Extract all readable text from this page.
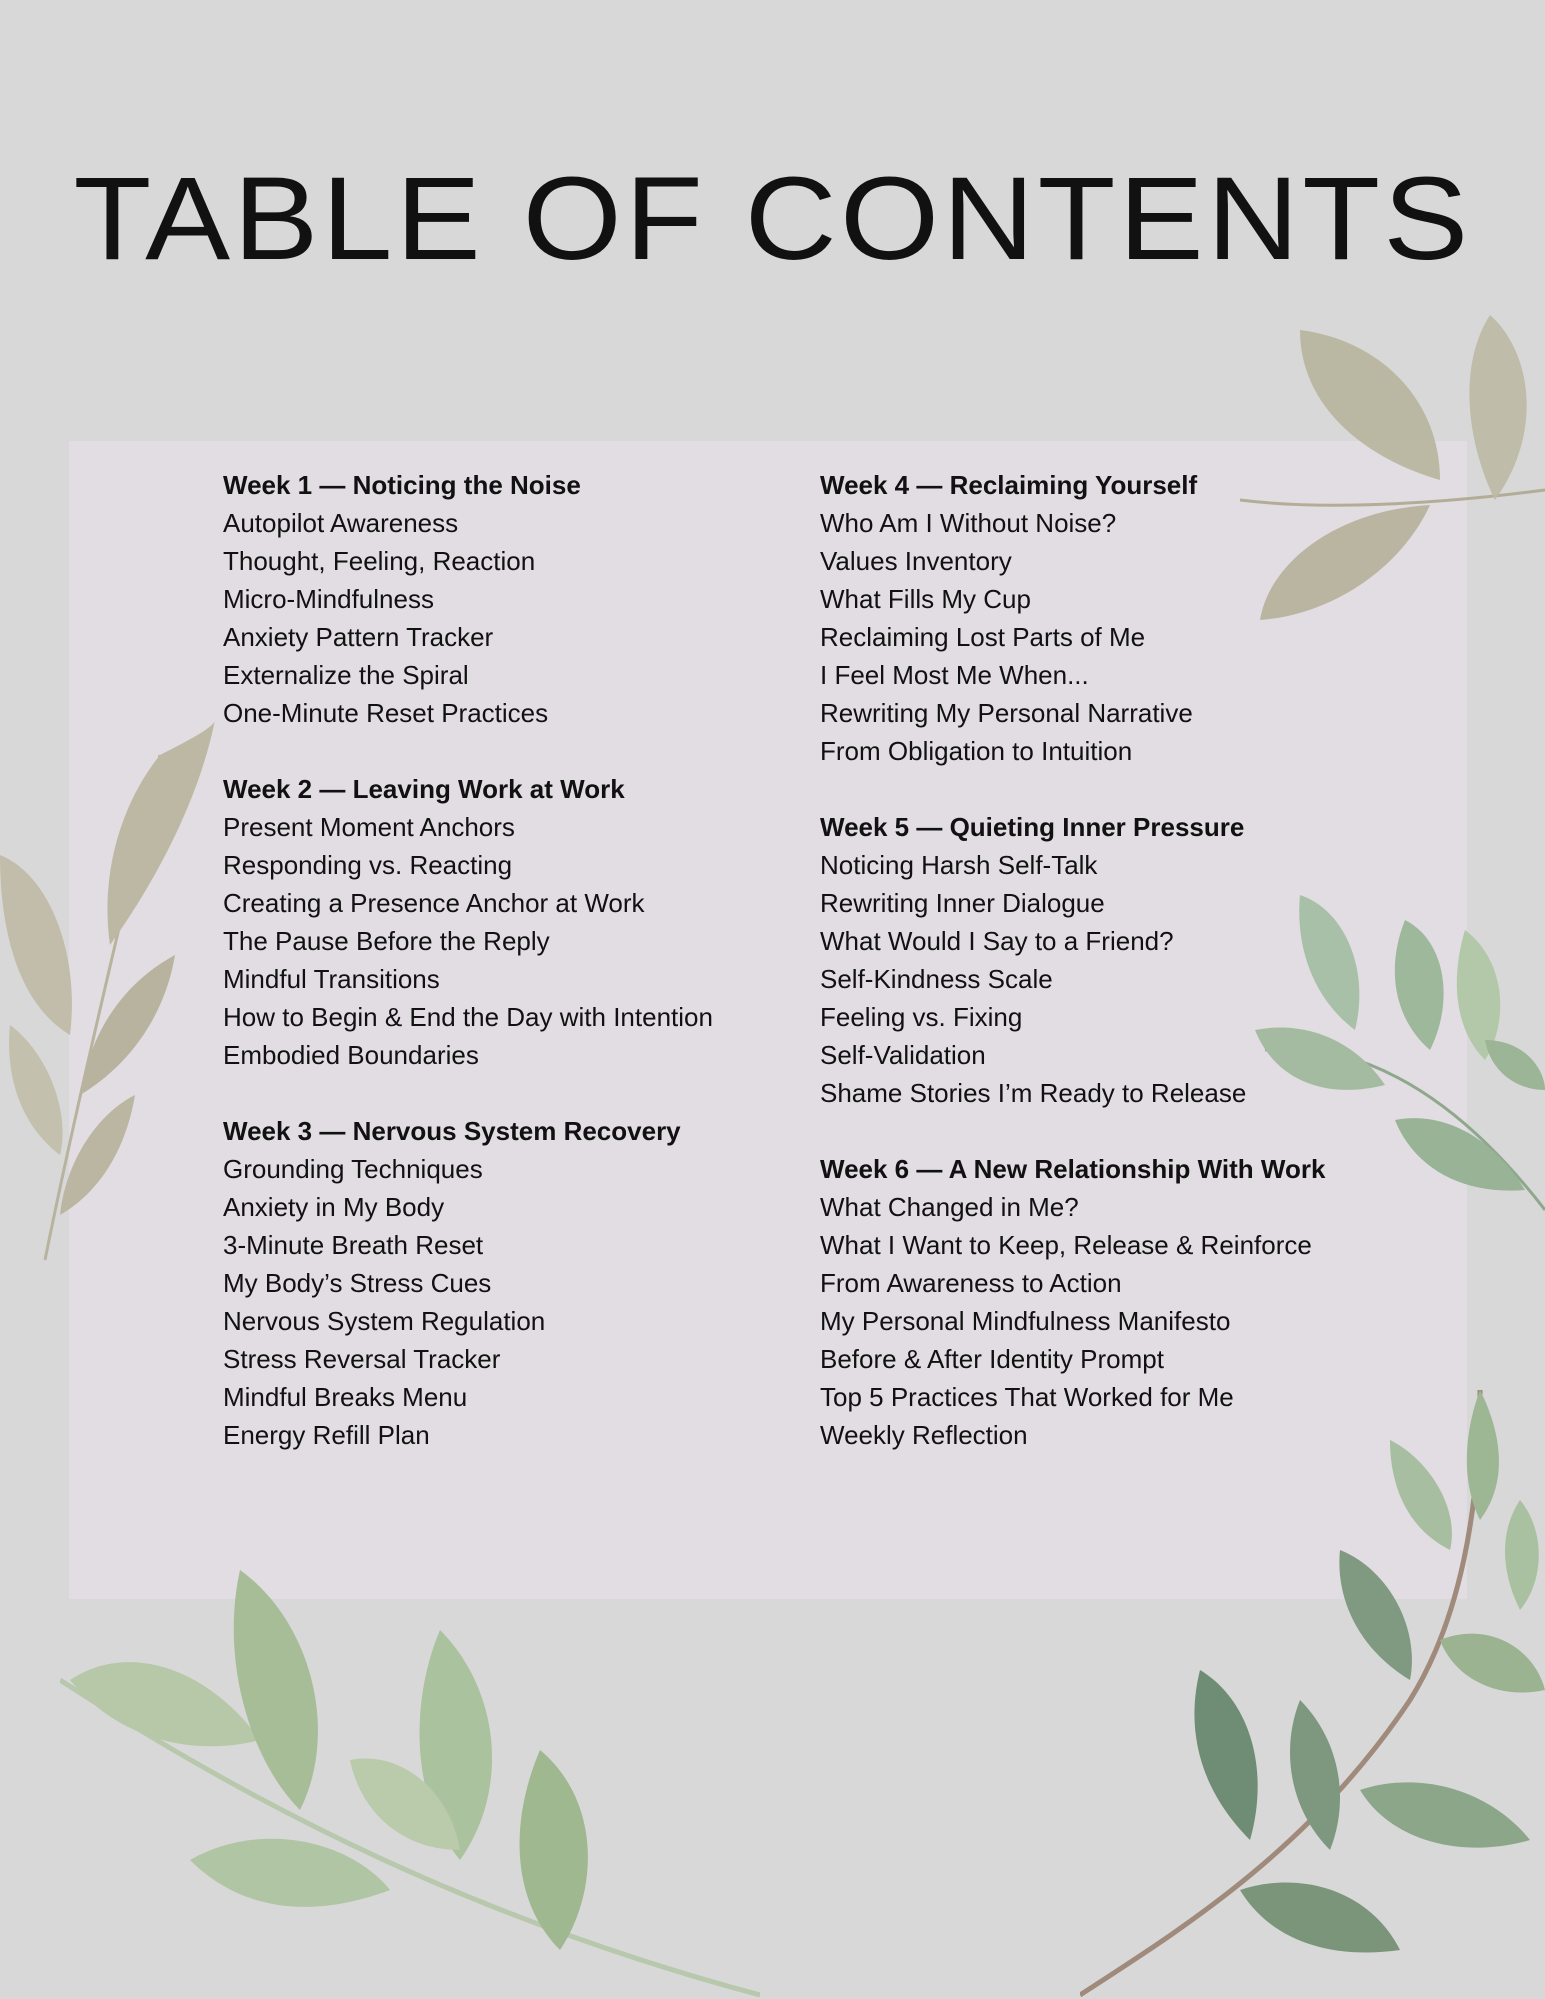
TABLE OF CONTENTS
Week 1 — Noticing the Noise
Autopilot Awareness
Thought, Feeling, Reaction
Micro-Mindfulness
Anxiety Pattern Tracker
Externalize the Spiral
One-Minute Reset Practices
Week 2 — Leaving Work at Work
Present Moment Anchors
Responding vs. Reacting
Creating a Presence Anchor at Work
The Pause Before the Reply
Mindful Transitions
How to Begin & End the Day with Intention
Embodied Boundaries
Week 3 — Nervous System Recovery
Grounding Techniques
Anxiety in My Body
3-Minute Breath Reset
My Body’s Stress Cues
Nervous System Regulation
Stress Reversal Tracker
Mindful Breaks Menu
Energy Refill Plan
Week 4 — Reclaiming Yourself
Who Am I Without Noise?
Values Inventory
What Fills My Cup
Reclaiming Lost Parts of Me
I Feel Most Me When...
Rewriting My Personal Narrative
From Obligation to Intuition
Week 5 — Quieting Inner Pressure
Noticing Harsh Self-Talk
Rewriting Inner Dialogue
What Would I Say to a Friend?
Self-Kindness Scale
Feeling vs. Fixing
Self-Validation
Shame Stories I’m Ready to Release
Week 6 — A New Relationship With Work
What Changed in Me?
What I Want to Keep, Release & Reinforce
From Awareness to Action
My Personal Mindfulness Manifesto
Before & After Identity Prompt
Top 5 Practices That Worked for Me
Weekly Reflection
